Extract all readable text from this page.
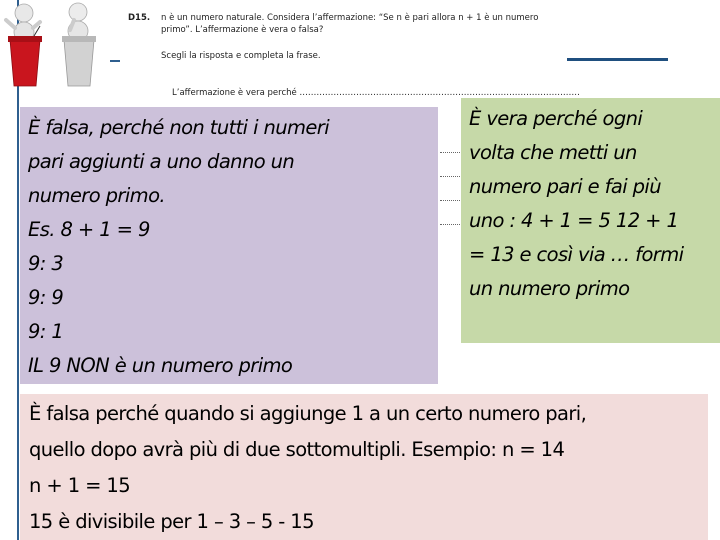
D15. n è un numero naturale. Considera l’affermazione: “Se n è pari allora n + 1 è un numero
primo”. L’affermazione è vera o falsa?
Scegli la risposta e completa la frase.
L’affermazione è vera perché ………………………………………………………………………………………
È falsa, perché non tutti i numeri
pari aggiunti a uno danno un
numero primo.
Es. 8 + 1 = 9
9: 3
9: 9
9: 1
IL 9 NON è un numero primo
È vera perché ogni
volta che metti un
numero pari e fai più
uno : 4 + 1 = 5 12 + 1
= 13 e così via … formi
un numero primo
È falsa perché quando si aggiunge 1 a un certo numero pari,
quello dopo avrà più di due sottomultipli. Esempio: n = 14
n + 1 = 15
15 è divisibile per 1 – 3 – 5 - 15
